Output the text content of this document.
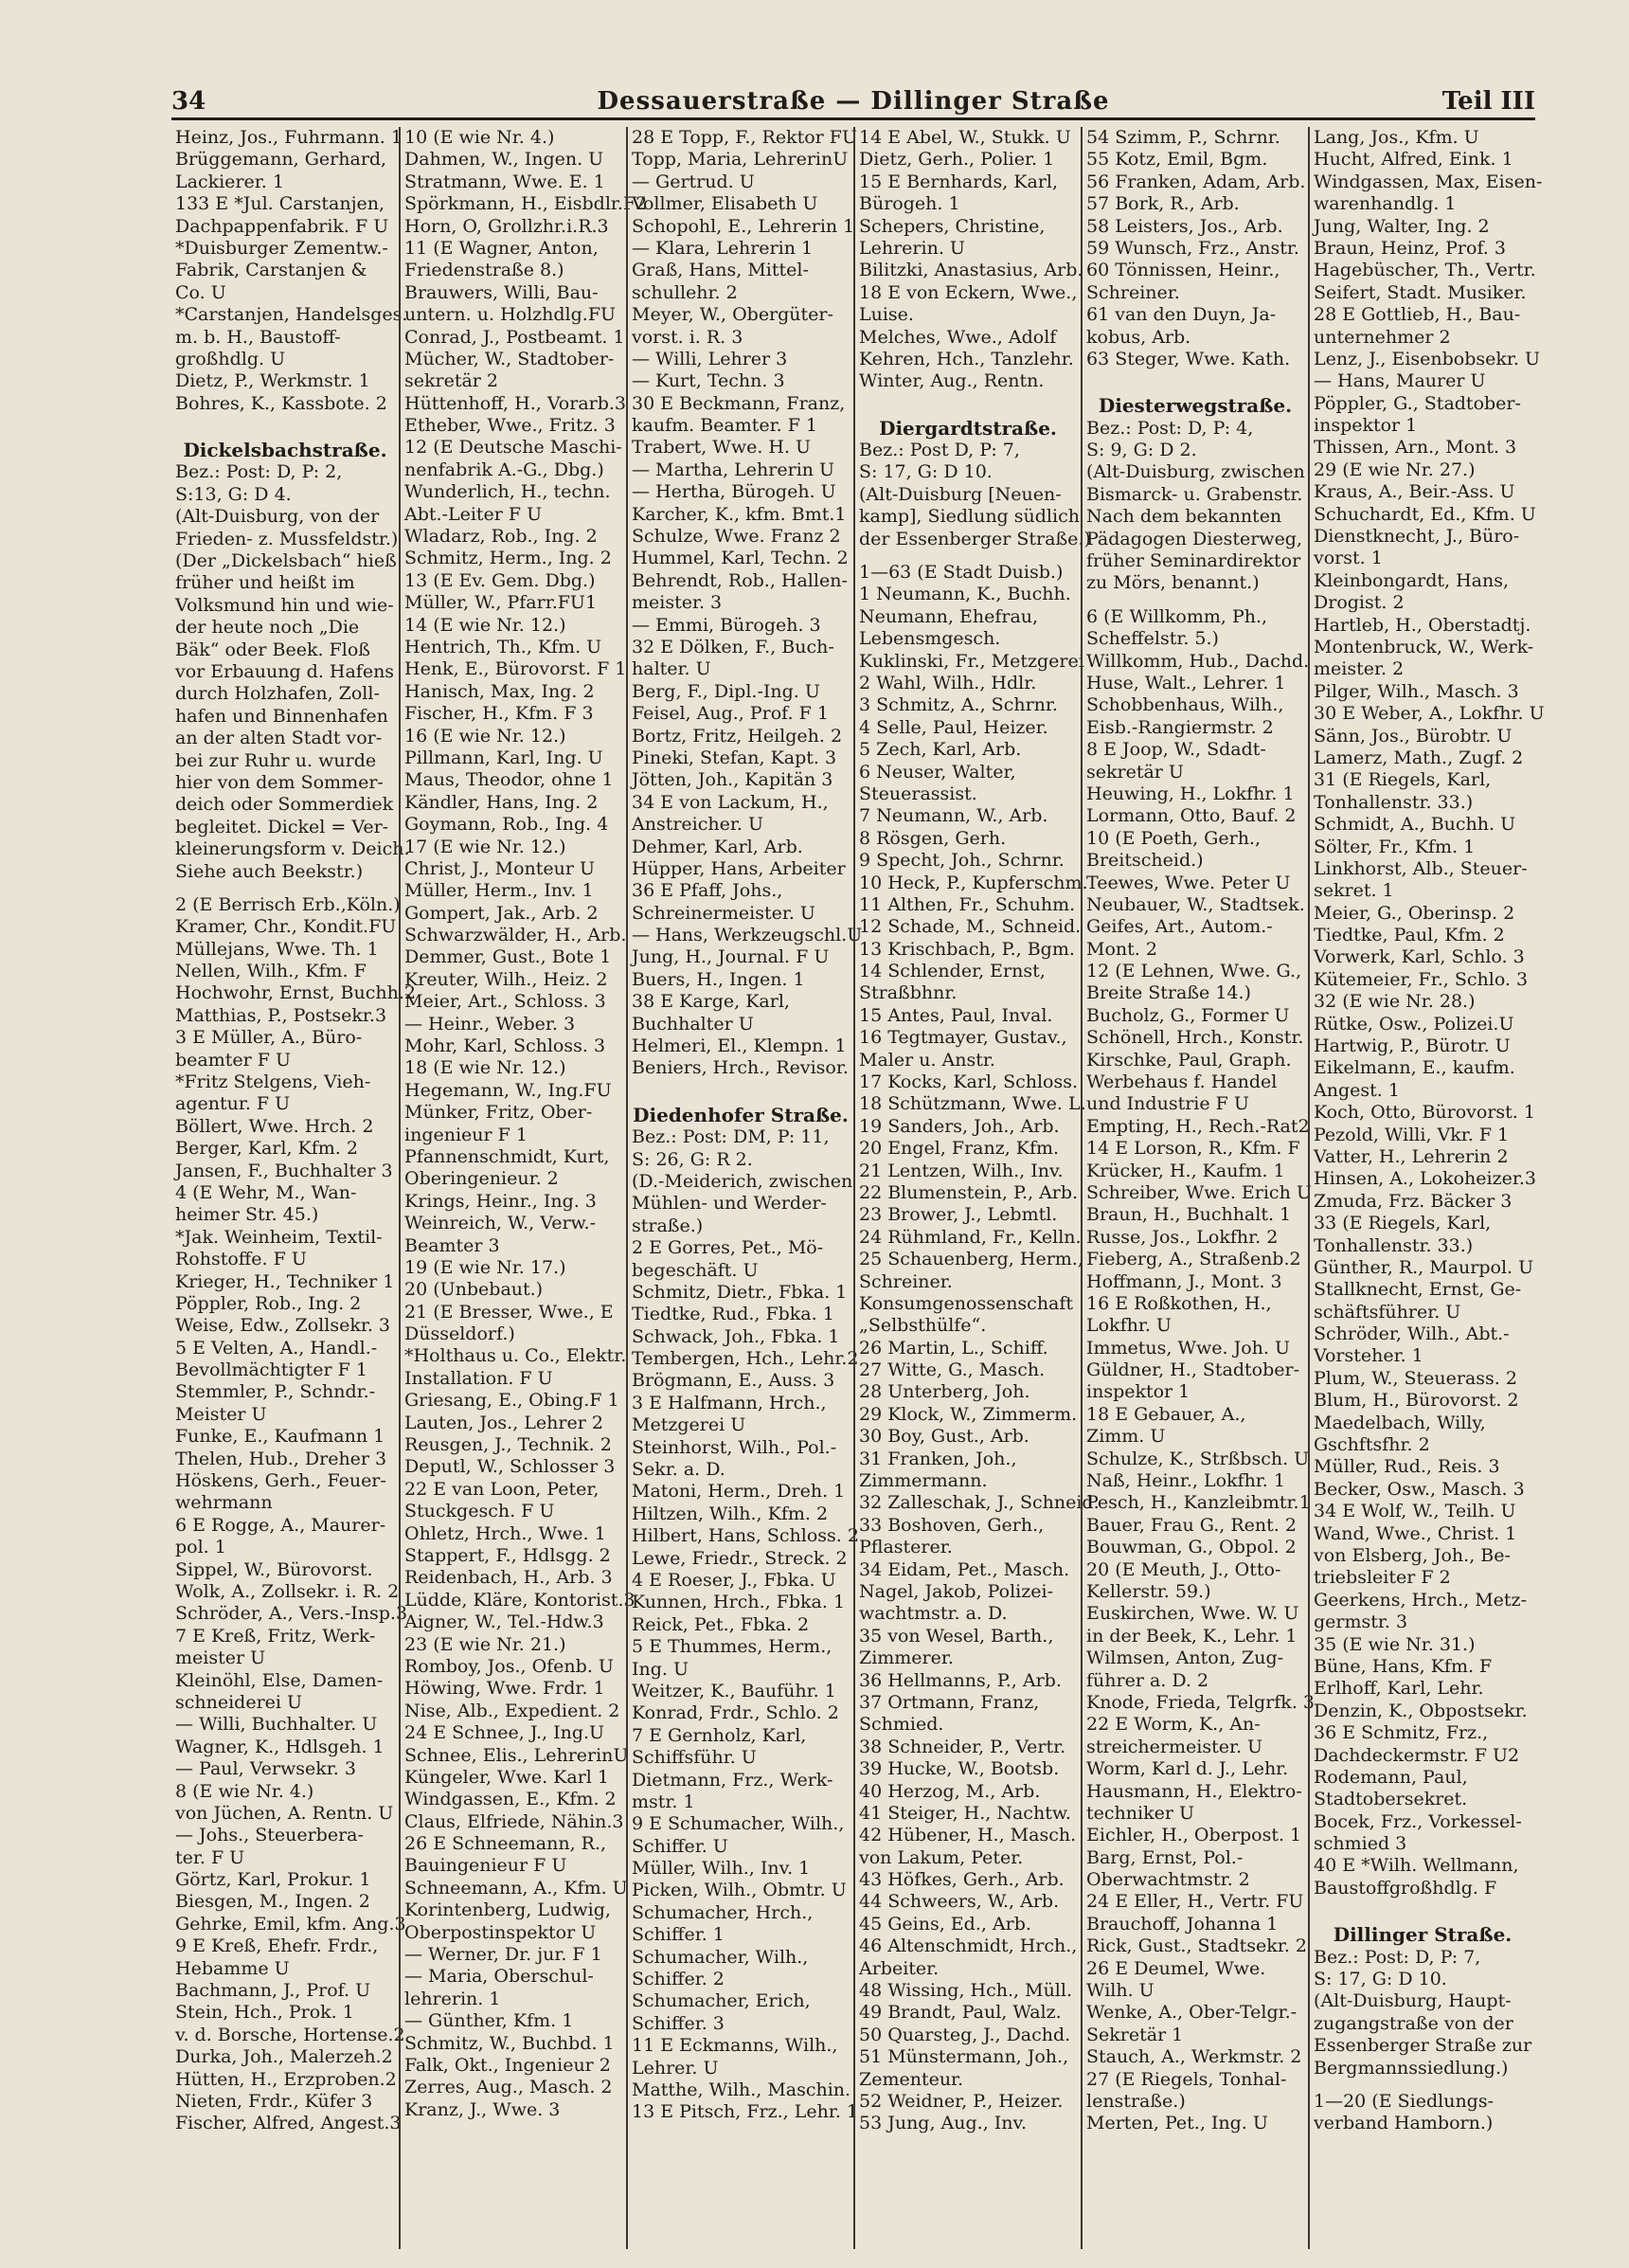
34	Dessauerstraße — Dillinger Straße	Teil III
Heinz, Jos., Fuhrmann. 1
Brüggemann, Gerhard,
Lackierer. 1
133 E *Jul. Carstanjen,
Dachpappenfabrik. F U
*Duisburger Zementw.-
Fabrik, Carstanjen &
Co. U
*Carstanjen, Handelsges.
m. b. H., Baustoff-
großhdlg. U
Dietz, P., Werkmstr. 1
Bohres, K., Kassbote. 2
Dickelsbachstraße.
Bez.: Post: D, P: 2,
S:13, G: D 4.
(Alt-Duisburg, von der
Frieden- z. Mussfeldstr.)
(Der „Dickelsbach“ hieß
früher und heißt im
Volksmund hin und wie-
der heute noch „Die
Bäk“ oder Beek. Floß
vor Erbauung d. Hafens
durch Holzhafen, Zoll-
hafen und Binnenhafen
an der alten Stadt vor-
bei zur Ruhr u. wurde
hier von dem Sommer-
deich oder Sommerdiek
begleitet. Dickel = Ver-
kleinerungsform v. Deich.
Siehe auch Beekstr.)
2 (E Berrisch Erb.,Köln.)
Kramer, Chr., Kondit.FU
Müllejans, Wwe. Th. 1
Nellen, Wilh., Kfm. F
Hochwohr, Ernst, Buchh.2
Matthias, P., Postsekr.3
3 E Müller, A., Büro-
beamter F U
*Fritz Stelgens, Vieh-
agentur. F U
Böllert, Wwe. Hrch. 2
Berger, Karl, Kfm. 2
Jansen, F., Buchhalter 3
4 (E Wehr, M., Wan-
heimer Str. 45.)
*Jak. Weinheim, Textil-
Rohstoffe. F U
Krieger, H., Techniker 1
Pöppler, Rob., Ing. 2
Weise, Edw., Zollsekr. 3
5 E Velten, A., Handl.-
Bevollmächtigter F 1
Stemmler, P., Schndr.-
Meister U
Funke, E., Kaufmann 1
Thelen, Hub., Dreher 3
Höskens, Gerh., Feuer-
wehrmann
6 E Rogge, A., Maurer-
pol. 1
Sippel, W., Bürovorst.
Wolk, A., Zollsekr. i. R. 2
Schröder, A., Vers.-Insp.3
7 E Kreß, Fritz, Werk-
meister U
Kleinöhl, Else, Damen-
schneiderei U
— Willi, Buchhalter. U
Wagner, K., Hdlsgeh. 1
— Paul, Verwsekr. 3
8 (E wie Nr. 4.)
von Jüchen, A. Rentn. U
— Johs., Steuerbera-
ter. F U
Görtz, Karl, Prokur. 1
Biesgen, M., Ingen. 2
Gehrke, Emil, kfm. Ang.3
9 E Kreß, Ehefr. Frdr.,
Hebamme U
Bachmann, J., Prof. U
Stein, Hch., Prok. 1
v. d. Borsche, Hortense.2
Durka, Joh., Malerzeh.2
Hütten, H., Erzproben.2
Nieten, Frdr., Küfer 3
Fischer, Alfred, Angest.3
10 (E wie Nr. 4.)
Dahmen, W., Ingen. U
Stratmann, Wwe. E. 1
Spörkmann, H., Eisbdlr.F2
Horn, O, Grollzhr.i.R.3
11 (E Wagner, Anton,
Friedenstraße 8.)
Brauwers, Willi, Bau-
untern. u. Holzhdlg.FU
Conrad, J., Postbeamt. 1
Mücher, W., Stadtober-
sekretär 2
Hüttenhoff, H., Vorarb.3
Etheber, Wwe., Fritz. 3
12 (E Deutsche Maschi-
nenfabrik A.-G., Dbg.)
Wunderlich, H., techn.
Abt.-Leiter F U
Wladarz, Rob., Ing. 2
Schmitz, Herm., Ing. 2
13 (E Ev. Gem. Dbg.)
Müller, W., Pfarr.FU1
14 (E wie Nr. 12.)
Hentrich, Th., Kfm. U
Henk, E., Bürovorst. F 1
Hanisch, Max, Ing. 2
Fischer, H., Kfm. F 3
16 (E wie Nr. 12.)
Pillmann, Karl, Ing. U
Maus, Theodor, ohne 1
Kändler, Hans, Ing. 2
Goymann, Rob., Ing. 4
17 (E wie Nr. 12.)
Christ, J., Monteur U
Müller, Herm., Inv. 1
Gompert, Jak., Arb. 2
Schwarzwälder, H., Arb.
Demmer, Gust., Bote 1
Kreuter, Wilh., Heiz. 2
Meier, Art., Schloss. 3
— Heinr., Weber. 3
Mohr, Karl, Schloss. 3
18 (E wie Nr. 12.)
Hegemann, W., Ing.FU
Münker, Fritz, Ober-
ingenieur F 1
Pfannenschmidt, Kurt,
Oberingenieur. 2
Krings, Heinr., Ing. 3
Weinreich, W., Verw.-
Beamter 3
19 (E wie Nr. 17.)
20 (Unbebaut.)
21 (E Bresser, Wwe., E
Düsseldorf.)
*Holthaus u. Co., Elektr.
Installation. F U
Griesang, E., Obing.F 1
Lauten, Jos., Lehrer 2
Reusgen, J., Technik. 2
Deputl, W., Schlosser 3
22 E van Loon, Peter,
Stuckgesch. F U
Ohletz, Hrch., Wwe. 1
Stappert, F., Hdlsgg. 2
Reidenbach, H., Arb. 3
Lüdde, Kläre, Kontorist.3
Aigner, W., Tel.-Hdw.3
23 (E wie Nr. 21.)
Romboy, Jos., Ofenb. U
Höwing, Wwe. Frdr. 1
Nise, Alb., Expedient. 2
24 E Schnee, J., Ing.U
Schnee, Elis., LehrerinU
Küngeler, Wwe. Karl 1
Windgassen, E., Kfm. 2
Claus, Elfriede, Nähin.3
26 E Schneemann, R.,
Bauingenieur F U
Schneemann, A., Kfm. U
Korintenberg, Ludwig,
Oberpostinspektor U
— Werner, Dr. jur. F 1
— Maria, Oberschul-
lehrerin. 1
— Günther, Kfm. 1
Schmitz, W., Buchbd. 1
Falk, Okt., Ingenieur 2
Zerres, Aug., Masch. 2
Kranz, J., Wwe. 3
28 E Topp, F., Rektor FU
Topp, Maria, LehrerinU
— Gertrud. U
Vollmer, Elisabeth U
Schopohl, E., Lehrerin 1
— Klara, Lehrerin 1
Graß, Hans, Mittel-
schullehr. 2
Meyer, W., Obergüter-
vorst. i. R. 3
— Willi, Lehrer 3
— Kurt, Techn. 3
30 E Beckmann, Franz,
kaufm. Beamter. F 1
Trabert, Wwe. H. U
— Martha, Lehrerin U
— Hertha, Bürogeh. U
Karcher, K., kfm. Bmt.1
Schulze, Wwe. Franz 2
Hummel, Karl, Techn. 2
Behrendt, Rob., Hallen-
meister. 3
— Emmi, Bürogeh. 3
32 E Dölken, F., Buch-
halter. U
Berg, F., Dipl.-Ing. U
Feisel, Aug., Prof. F 1
Bortz, Fritz, Heilgeh. 2
Pineki, Stefan, Kapt. 3
Jötten, Joh., Kapitän 3
34 E von Lackum, H.,
Anstreicher. U
Dehmer, Karl, Arb.
Hüpper, Hans, Arbeiter
36 E Pfaff, Johs.,
Schreinermeister. U
— Hans, Werkzeugschl.U
Jung, H., Journal. F U
Buers, H., Ingen. 1
38 E Karge, Karl,
Buchhalter U
Helmeri, El., Klempn. 1
Beniers, Hrch., Revisor.
Diedenhofer Straße.
Bez.: Post: DM, P: 11,
S: 26, G: R 2.
(D.-Meiderich, zwischen
Mühlen- und Werder-
straße.)
2 E Gorres, Pet., Mö-
begeschäft. U
Schmitz, Dietr., Fbka. 1
Tiedtke, Rud., Fbka. 1
Schwack, Joh., Fbka. 1
Tembergen, Hch., Lehr.2
Brögmann, E., Auss. 3
3 E Halfmann, Hrch.,
Metzgerei U
Steinhorst, Wilh., Pol.-
Sekr. a. D.
Matoni, Herm., Dreh. 1
Hiltzen, Wilh., Kfm. 2
Hilbert, Hans, Schloss. 2
Lewe, Friedr., Streck. 2
4 E Roeser, J., Fbka. U
Kunnen, Hrch., Fbka. 1
Reick, Pet., Fbka. 2
5 E Thummes, Herm.,
Ing. U
Weitzer, K., Bauführ. 1
Konrad, Frdr., Schlo. 2
7 E Gernholz, Karl,
Schiffsführ. U
Dietmann, Frz., Werk-
mstr. 1
9 E Schumacher, Wilh.,
Schiffer. U
Müller, Wilh., Inv. 1
Picken, Wilh., Obmtr. U
Schumacher, Hrch.,
Schiffer. 1
Schumacher, Wilh.,
Schiffer. 2
Schumacher, Erich,
Schiffer. 3
11 E Eckmanns, Wilh.,
Lehrer. U
Matthe, Wilh., Maschin.
13 E Pitsch, Frz., Lehr. 1
14 E Abel, W., Stukk. U
Dietz, Gerh., Polier. 1
15 E Bernhards, Karl,
Bürogeh. 1
Schepers, Christine,
Lehrerin. U
Bilitzki, Anastasius, Arb.
18 E von Eckern, Wwe.,
Luise.
Melches, Wwe., Adolf
Kehren, Hch., Tanzlehr.
Winter, Aug., Rentn.
Diergardtstraße.
Bez.: Post D, P: 7,
S: 17, G: D 10.
(Alt-Duisburg [Neuen-
kamp], Siedlung südlich
der Essenberger Straße.)
1—63 (E Stadt Duisb.)
1 Neumann, K., Buchh.
Neumann, Ehefrau,
Lebensmgesch.
Kuklinski, Fr., Metzgerei
2 Wahl, Wilh., Hdlr.
3 Schmitz, A., Schrnr.
4 Selle, Paul, Heizer.
5 Zech, Karl, Arb.
6 Neuser, Walter,
Steuerassist.
7 Neumann, W., Arb.
8 Rösgen, Gerh.
9 Specht, Joh., Schrnr.
10 Heck, P., Kupferschm.
11 Althen, Fr., Schuhm.
12 Schade, M., Schneid.
13 Krischbach, P., Bgm.
14 Schlender, Ernst,
Straßbhnr.
15 Antes, Paul, Inval.
16 Tegtmayer, Gustav.,
Maler u. Anstr.
17 Kocks, Karl, Schloss.
18 Schützmann, Wwe. L.
19 Sanders, Joh., Arb.
20 Engel, Franz, Kfm.
21 Lentzen, Wilh., Inv.
22 Blumenstein, P., Arb.
23 Brower, J., Lebmtl.
24 Rühmland, Fr., Kelln.
25 Schauenberg, Herm.,
Schreiner.
Konsumgenossenschaft
„Selbsthülfe“.
26 Martin, L., Schiff.
27 Witte, G., Masch.
28 Unterberg, Joh.
29 Klock, W., Zimmerm.
30 Boy, Gust., Arb.
31 Franken, Joh.,
Zimmermann.
32 Zalleschak, J., Schneid.
33 Boshoven, Gerh.,
Pflasterer.
34 Eidam, Pet., Masch.
Nagel, Jakob, Polizei-
wachtmstr. a. D.
35 von Wesel, Barth.,
Zimmerer.
36 Hellmanns, P., Arb.
37 Ortmann, Franz,
Schmied.
38 Schneider, P., Vertr.
39 Hucke, W., Bootsb.
40 Herzog, M., Arb.
41 Steiger, H., Nachtw.
42 Hübener, H., Masch.
von Lakum, Peter.
43 Höfkes, Gerh., Arb.
44 Schweers, W., Arb.
45 Geins, Ed., Arb.
46 Altenschmidt, Hrch.,
Arbeiter.
48 Wissing, Hch., Müll.
49 Brandt, Paul, Walz.
50 Quarsteg, J., Dachd.
51 Münstermann, Joh.,
Zementeur.
52 Weidner, P., Heizer.
53 Jung, Aug., Inv.
54 Szimm, P., Schrnr.
55 Kotz, Emil, Bgm.
56 Franken, Adam, Arb.
57 Bork, R., Arb.
58 Leisters, Jos., Arb.
59 Wunsch, Frz., Anstr.
60 Tönnissen, Heinr.,
Schreiner.
61 van den Duyn, Ja-
kobus, Arb.
63 Steger, Wwe. Kath.
Diesterwegstraße.
Bez.: Post: D, P: 4,
S: 9, G: D 2.
(Alt-Duisburg, zwischen
Bismarck- u. Grabenstr.
Nach dem bekannten
Pädagogen Diesterweg,
früher Seminardirektor
zu Mörs, benannt.)
6 (E Willkomm, Ph.,
Scheffelstr. 5.)
Willkomm, Hub., Dachd.
Huse, Walt., Lehrer. 1
Schobbenhaus, Wilh.,
Eisb.-Rangiermstr. 2
8 E Joop, W., Sdadt-
sekretär U
Heuwing, H., Lokfhr. 1
Lormann, Otto, Bauf. 2
10 (E Poeth, Gerh.,
Breitscheid.)
Teewes, Wwe. Peter U
Neubauer, W., Stadtsek.
Geifes, Art., Autom.-
Mont. 2
12 (E Lehnen, Wwe. G.,
Breite Straße 14.)
Bucholz, G., Former U
Schönell, Hrch., Konstr.
Kirschke, Paul, Graph.
Werbehaus f. Handel
und Industrie F U
Empting, H., Rech.-Rat2
14 E Lorson, R., Kfm. F
Krücker, H., Kaufm. 1
Schreiber, Wwe. Erich U
Braun, H., Buchhalt. 1
Russe, Jos., Lokfhr. 2
Fieberg, A., Straßenb.2
Hoffmann, J., Mont. 3
16 E Roßkothen, H.,
Lokfhr. U
Immetus, Wwe. Joh. U
Güldner, H., Stadtober-
inspektor 1
18 E Gebauer, A.,
Zimm. U
Schulze, K., Strßbsch. U
Naß, Heinr., Lokfhr. 1
Pesch, H., Kanzleibmtr.1
Bauer, Frau G., Rent. 2
Bouwman, G., Obpol. 2
20 (E Meuth, J., Otto-
Kellerstr. 59.)
Euskirchen, Wwe. W. U
in der Beek, K., Lehr. 1
Wilmsen, Anton, Zug-
führer a. D. 2
Knode, Frieda, Telgrfk. 3
22 E Worm, K., An-
streichermeister. U
Worm, Karl d. J., Lehr.
Hausmann, H., Elektro-
techniker U
Eichler, H., Oberpost. 1
Barg, Ernst, Pol.-
Oberwachtmstr. 2
24 E Eller, H., Vertr. FU
Brauchoff, Johanna 1
Rick, Gust., Stadtsekr. 2
26 E Deumel, Wwe.
Wilh. U
Wenke, A., Ober-Telgr.-
Sekretär 1
Stauch, A., Werkmstr. 2
27 (E Riegels, Tonhal-
lenstraße.)
Merten, Pet., Ing. U
Lang, Jos., Kfm. U
Hucht, Alfred, Eink. 1
Windgassen, Max, Eisen-
warenhandlg. 1
Jung, Walter, Ing. 2
Braun, Heinz, Prof. 3
Hagebüscher, Th., Vertr.
Seifert, Stadt. Musiker.
28 E Gottlieb, H., Bau-
unternehmer 2
Lenz, J., Eisenbobsekr. U
— Hans, Maurer U
Pöppler, G., Stadtober-
inspektor 1
Thissen, Arn., Mont. 3
29 (E wie Nr. 27.)
Kraus, A., Beir.-Ass. U
Schuchardt, Ed., Kfm. U
Dienstknecht, J., Büro-
vorst. 1
Kleinbongardt, Hans,
Drogist. 2
Hartleb, H., Oberstadtj.
Montenbruck, W., Werk-
meister. 2
Pilger, Wilh., Masch. 3
30 E Weber, A., Lokfhr. U
Sänn, Jos., Bürobtr. U
Lamerz, Math., Zugf. 2
31 (E Riegels, Karl,
Tonhallenstr. 33.)
Schmidt, A., Buchh. U
Sölter, Fr., Kfm. 1
Linkhorst, Alb., Steuer-
sekret. 1
Meier, G., Oberinsp. 2
Tiedtke, Paul, Kfm. 2
Vorwerk, Karl, Schlo. 3
Kütemeier, Fr., Schlo. 3
32 (E wie Nr. 28.)
Rütke, Osw., Polizei.U
Hartwig, P., Bürotr. U
Eikelmann, E., kaufm.
Angest. 1
Koch, Otto, Bürovorst. 1
Pezold, Willi, Vkr. F 1
Vatter, H., Lehrerin 2
Hinsen, A., Lokoheizer.3
Zmuda, Frz. Bäcker 3
33 (E Riegels, Karl,
Tonhallenstr. 33.)
Günther, R., Maurpol. U
Stallknecht, Ernst, Ge-
schäftsführer. U
Schröder, Wilh., Abt.-
Vorsteher. 1
Plum, W., Steuerass. 2
Blum, H., Bürovorst. 2
Maedelbach, Willy,
Gschftsfhr. 2
Müller, Rud., Reis. 3
Becker, Osw., Masch. 3
34 E Wolf, W., Teilh. U
Wand, Wwe., Christ. 1
von Elsberg, Joh., Be-
triebsleiter F 2
Geerkens, Hrch., Metz-
germstr. 3
35 (E wie Nr. 31.)
Büne, Hans, Kfm. F
Erlhoff, Karl, Lehr.
Denzin, K., Obpostsekr.
36 E Schmitz, Frz.,
Dachdeckermstr. F U2
Rodemann, Paul,
Stadtobersekret.
Bocek, Frz., Vorkessel-
schmied 3
40 E *Wilh. Wellmann,
Baustoffgroßhdlg. F
Dillinger Straße.
Bez.: Post: D, P: 7,
S: 17, G: D 10.
(Alt-Duisburg, Haupt-
zugangstraße von der
Essenberger Straße zur
Bergmannssiedlung.)
1—20 (E Siedlungs-
verband Hamborn.)
